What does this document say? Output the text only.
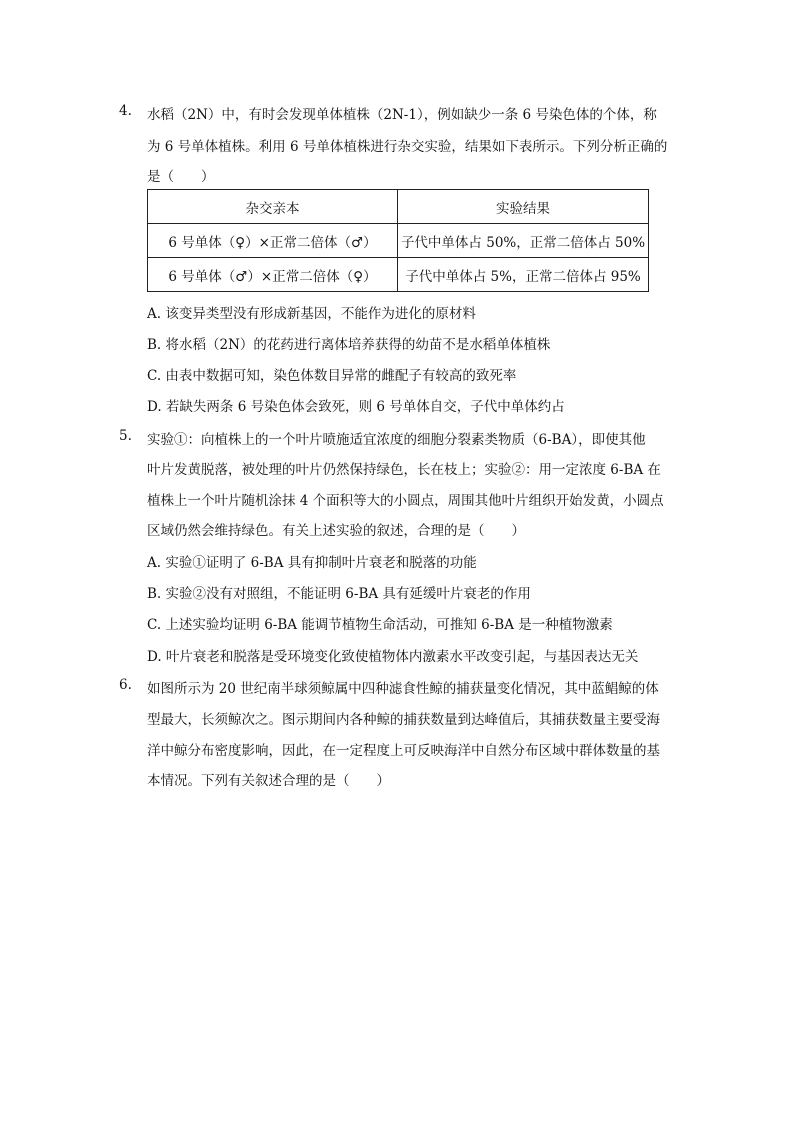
4. 水稻（2N）中，有时会发现单体植株（2N-1），例如缺少一条 6 号染色体的个体，称
为 6 号单体植株。利用 6 号单体植株进行杂交实验，结果如下表所示。下列分析正确的
是（　　）
杂交亲本	实验结果
6 号单体（♀）×正常二倍体（♂）	子代中单体占 50%，正常二倍体占 50%
6 号单体（♂）×正常二倍体（♀）	子代中单体占 5%，正常二倍体占 95%
A. 该变异类型没有形成新基因，不能作为进化的原材料
B. 将水稻（2N）的花药进行离体培养获得的幼苗不是水稻单体植株
C. 由表中数据可知，染色体数目异常的雌配子有较高的致死率
D. 若缺失两条 6 号染色体会致死，则 6 号单体自交，子代中单体约占
5. 实验①：向植株上的一个叶片喷施适宜浓度的细胞分裂素类物质（6-BA），即使其他
叶片发黄脱落，被处理的叶片仍然保持绿色，长在枝上；实验②：用一定浓度 6-BA 在
植株上一个叶片随机涂抹 4 个面积等大的小圆点，周围其他叶片组织开始发黄，小圆点
区域仍然会维持绿色。有关上述实验的叙述，合理的是（　　）
A. 实验①证明了 6-BA 具有抑制叶片衰老和脱落的功能
B. 实验②没有对照组，不能证明 6-BA 具有延缓叶片衰老的作用
C. 上述实验均证明 6-BA 能调节植物生命活动，可推知 6-BA 是一种植物激素
D. 叶片衰老和脱落是受环境变化致使植物体内激素水平改变引起，与基因表达无关
6. 如图所示为 20 世纪南半球须鲸属中四种滤食性鲸的捕获量变化情况，其中蓝鲳鲸的体
型最大，长须鲸次之。图示期间内各种鲸的捕获数量到达峰值后，其捕获数量主要受海
洋中鲸分布密度影响，因此，在一定程度上可反映海洋中自然分布区域中群体数量的基
本情况。下列有关叙述合理的是（　　）
